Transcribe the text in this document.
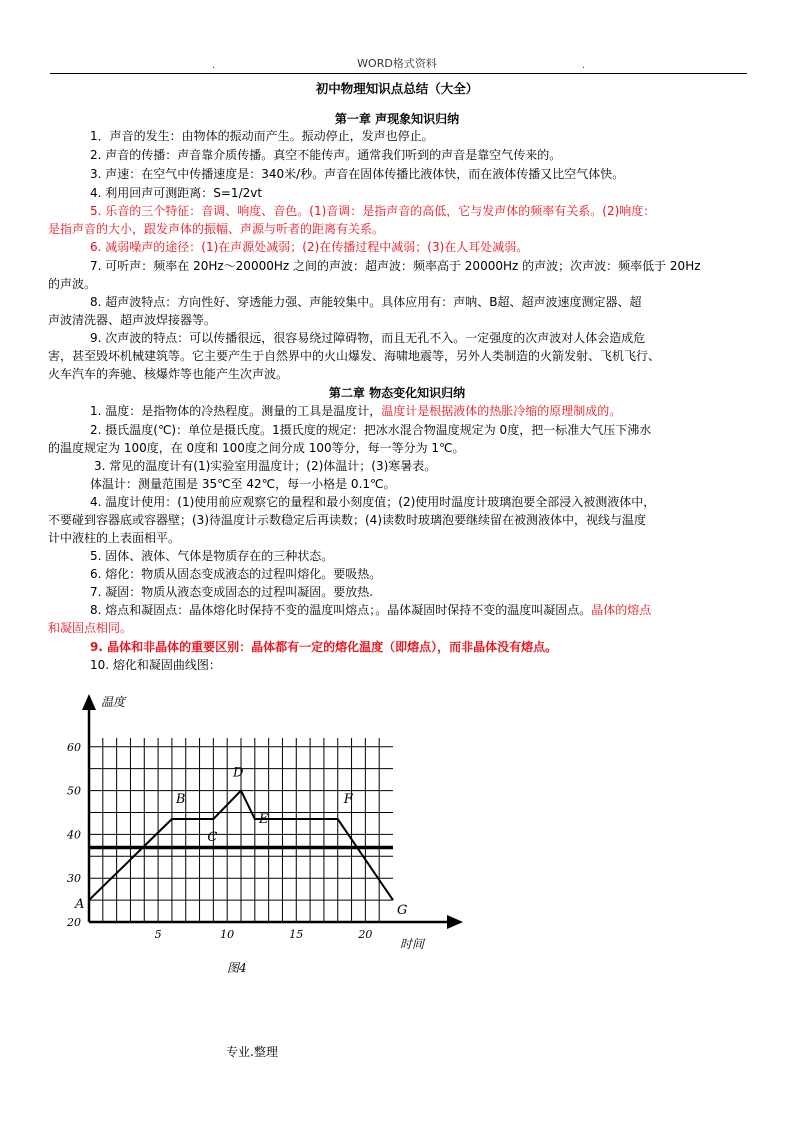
WORD格式资料
.	.
初中物理知识点总结（大全）
第一章 声现象知识归纳
1．声音的发生：由物体的振动而产生。振动停止，发声也停止。
2. 声音的传播：声音靠介质传播。真空不能传声。通常我们听到的声音是靠空气传来的。
3. 声速：在空气中传播速度是：340米/秒。声音在固体传播比液体快，而在液体传播又比空气体快。
4. 利用回声可测距离：S=1/2vt
5. 乐音的三个特征：音调、响度、音色。(1)音调：是指声音的高低，它与发声体的频率有关系。(2)响度：
是指声音的大小，跟发声体的振幅、声源与听者的距离有关系。
6. 减弱噪声的途径：(1)在声源处减弱；(2)在传播过程中减弱；(3)在人耳处减弱。
7. 可听声：频率在 20Hz～20000Hz 之间的声波：超声波：频率高于 20000Hz 的声波；次声波：频率低于 20Hz
的声波。
8. 超声波特点：方向性好、穿透能力强、声能较集中。具体应用有：声呐、B超、超声波速度测定器、超
声波清洗器、超声波焊接器等。
9. 次声波的特点：可以传播很远，很容易绕过障碍物，而且无孔不入。一定强度的次声波对人体会造成危
害，甚至毁坏机械建筑等。它主要产生于自然界中的火山爆发、海啸地震等，另外人类制造的火箭发射、飞机飞行、
火车汽车的奔驰、核爆炸等也能产生次声波。
第二章 物态变化知识归纳
1. 温度：是指物体的冷热程度。测量的工具是温度计，温度计是根据液体的热胀冷缩的原理制成的。
2. 摄氏温度(℃)：单位是摄氏度。1摄氏度的规定：把冰水混合物温度规定为 0度，把一标准大气压下沸水
的温度规定为 100度，在 0度和 100度之间分成 100等分，每一等分为 1℃。
3. 常见的温度计有(1)实验室用温度计；(2)体温计；(3)寒暑表。
体温计：测量范围是 35℃至 42℃，每一小格是 0.1℃。
4. 温度计使用：(1)使用前应观察它的量程和最小刻度值；(2)使用时温度计玻璃泡要全部浸入被测液体中，
不要碰到容器底或容器壁；(3)待温度计示数稳定后再读数；(4)读数时玻璃泡要继续留在被测液体中，视线与温度
计中液柱的上表面相平。
5. 固体、液体、气体是物质存在的三种状态。
6. 熔化：物质从固态变成液态的过程叫熔化。要吸热。
7. 凝固：物质从液态变成固态的过程叫凝固。要放热.
8. 熔点和凝固点：晶体熔化时保持不变的温度叫熔点；。晶体凝固时保持不变的温度叫凝固点。晶体的熔点
和凝固点相同。
9. 晶体和非晶体的重要区别：晶体都有一定的熔化温度（即熔点），而非晶体没有熔点。
10. 熔化和凝固曲线图：
20
30
40
50
60
5	10	15	20
温度
时间
图4
A
B
C
D
E
F
G
专业.整理
